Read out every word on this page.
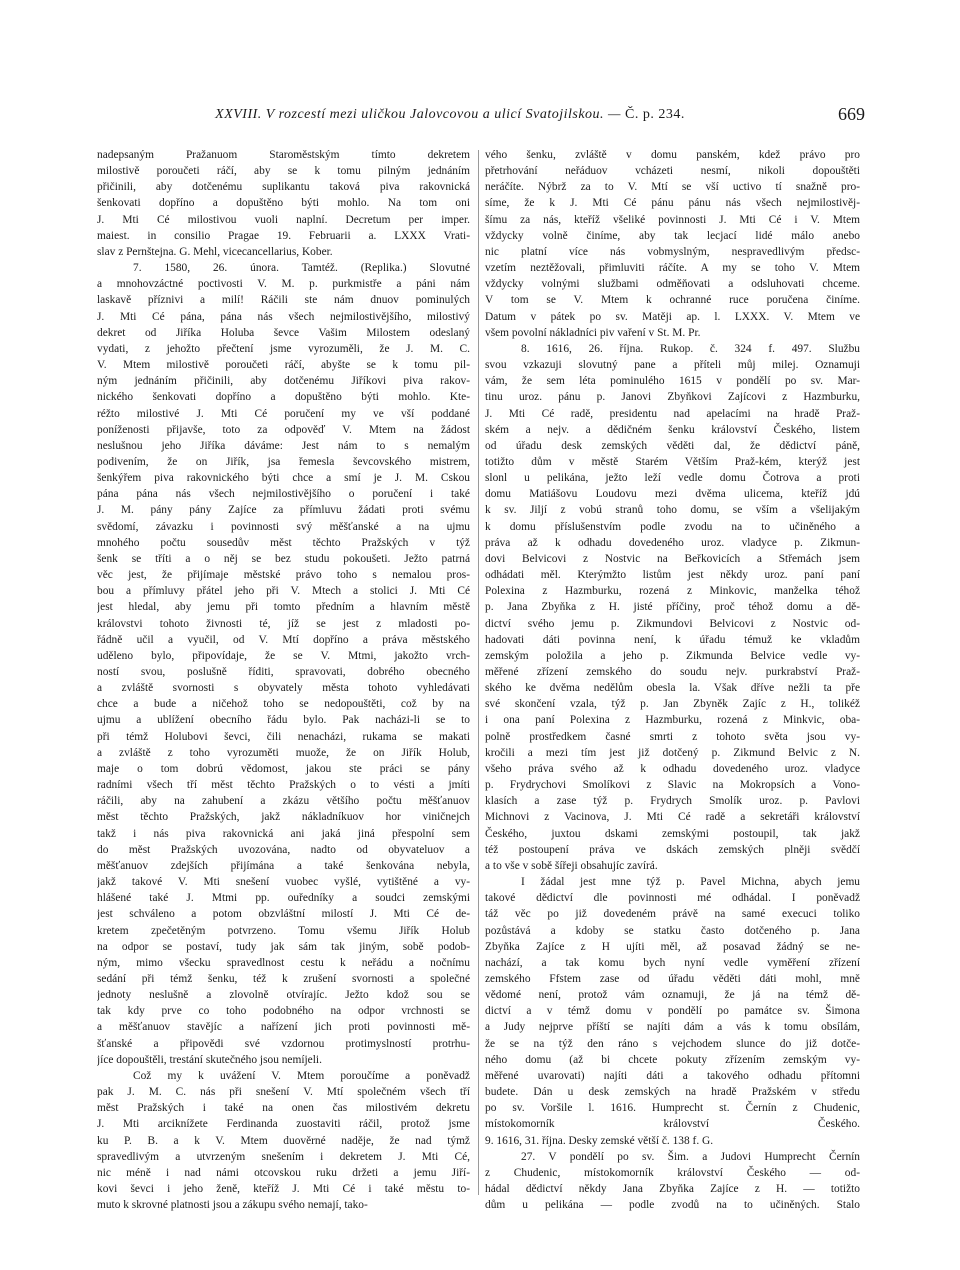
XXVIII. V rozcestí mezi uličkou Jalovcovou a ulicí Svatojilskou. — Č. p. 234.	669
nadepsaným Pražanuom Staroměstským tímto dekretem
milostivě poroučeti ráčí, aby se k tomu pilným jednáním
přičinili, aby dotčenému suplikantu taková piva rakovnická
šenkovati dopříno a dopuštěno býti mohlo. Na tom oni
J. Mti Cé milostivou vuoli naplní. Decretum per imper.
maiest. in consilio Pragae 19. Februarii a. LXXX Vrati-
slav z Pernštejna. G. Mehl, vicecancellarius, Kober.
7. 1580, 26. února. Tamtéž. (Replika.) Slovutné
a mnohovzáctné poctivosti V. M. p. purkmistře a páni nám
laskavě příznivi a milí! Ráčili ste nám dnuov pominulých
J. Mti Cé pána, pána nás všech nejmilostivějšího, milostivý
dekret od Jiříka Holuba ševce Vašim Milostem odeslaný
vydati, z jehožto přečtení jsme vyrozuměli, že J. M. C.
V. Mtem milostivě poroučeti ráčí, abyšte se k tomu pil-
ným jednáním přičinili, aby dotčenému Jiříkovi piva rakov-
nického šenkovati dopříno a dopuštěno býti mohlo. Kte-
réžto milostivé J. Mti Cé poručení my ve vší poddané
poníženosti přijavše, toto za odpověď V. Mtem na žádost
neslušnou jeho Jiříka dáváme: Jest nám to s nemalým
podivením, že on Jiřík, jsa řemesla ševcovského mistrem,
šenkýřem piva rakovnického býti chce a smí je J. M. Cskou
pána pána nás všech nejmilostivějšího o poručení i také
J. M. pány pány Zajíce za přímluvu žádati proti svému
svědomí, závazku i povinnosti svý měšťanské a na ujmu
mnohého počtu sousedův měst těchto Pražských v týž
šenk se tříti a o něj se bez studu pokoušeti. Ježto patrná
věc jest, že přijímaje městské právo toho s nemalou pros-
bou a přímluvy přátel jeho při V. Mtech a stolici J. Mti Cé
jest hledal, aby jemu při tomto předním a hlavním městě
královstvi tohoto živnosti té, jíž se jest z mladosti po-
řádně učil a vyučil, od V. Mtí dopříno a práva městského
uděleno bylo, připovídaje, že se V. Mtmi, jakožto vrch-
ností svou, poslušně říditi, spravovati, dobrého obecného
a zvláště svornosti s obyvately města tohoto vyhledávati
chce a bude a ničehož toho se nedopouštěti, což by na
ujmu a ublížení obecního řádu bylo. Pak nacházi-li se to
při témž Holubovi ševci, čili nenacházi, rukama se makati
a zvláště z toho vyrozuměti muože, že on Jiřík Holub,
maje o tom dobrú vědomost, jakou ste práci se pány
radními všech tří měst těchto Pražských o to vésti a jmíti
ráčili, aby na zahubení a zkázu většího počtu měšťanuov
měst těchto Pražských, jakž nákladníkuov hor viničnejch
takž i nás piva rakovnická ani jaká jiná přespolní sem
do měst Pražských uvozována, nadto od obyvateluov a
měšťanuov zdejších přijímána a také šenkována nebyla,
jakž takové V. Mti snešení vuobec vyšlé, vytištěné a vy-
hlášené také J. Mtmi pp. ouředníky a soudci zemskými
jest schváleno a potom obzvláštní milostí J. Mti Cé de-
kretem zpečetěným potvrzeno. Tomu všemu Jiřík Holub
na odpor se postaví, tudy jak sám tak jiným, sobě podob-
ným, mimo všecku spravedlnost cestu k neřádu a nočnímu
sedání při témž šenku, též k zrušení svornosti a společné
jednoty neslušně a zlovolně otvírajíc. Ježto kdož sou se
tak kdy prve co toho podobného na odpor vrchnosti se
a měšťanuov stavějíc a nařízení jich proti povinnosti mě-
šťanské a připovědi své vzdornou protimyslností protrhu-
jíce dopouštěli, trestání skutečného jsou nemíjeli.
Což my k uvážení V. Mtem poroučíme a poněvadž
pak J. M. C. nás při snešení V. Mtí společném všech tří
měst Pražských i také na onen čas milostivém dekretu
J. Mti arciknížete Ferdinanda zuostaviti ráčil, protož jsme
ku P. B. a k V. Mtem duověrné naděje, že nad týmž
spravedlivým a utvrzeným snešením i dekretem J. Mti Cé,
nic méně i nad námi otcovskou ruku držeti a jemu Jiří-
kovi ševci i jeho ženě, kteříž J. Mti Cé i také městu to-
muto k skrovné platnosti jsou a zákupu svého nemají, tako-
vého šenku, zvláště v domu panském, kdež právo pro
přetrhování neřáduov vcházeti nesmí, nikoli dopouštěti
neráčíte. Nýbrž za to V. Mtí se vší uctivo tí snažně pro-
síme, že k J. Mti Cé pánu pánu nás všech nejmilostivěj-
šímu za nás, kteříž všeliké povinnosti J. Mti Cé i V. Mtem
vždycky volně činíme, aby tak lecjací lidé málo anebo
nic platní více nás vobmyslným, nespravedlivým předsc-
vzetím neztěžovali, přimluviti ráčíte. A my se toho V. Mtem
vždycky volnými službami odměňovati a odsluhovati chceme.
V tom se V. Mtem k ochranné ruce poručena činíme.
Datum v pátek po sv. Matěji ap. l. LXXX. V. Mtem ve
všem povolní nákladníci piv vaření v St. M. Pr.
8. 1616, 26. října. Rukop. č. 324 f. 497. Službu
svou vzkazuji slovutný pane a příteli můj milej. Oznamuji
vám, že sem léta pominulého 1615 v pondělí po sv. Mar-
tinu uroz. pánu p. Janovi Zbyňkovi Zajícovi z Hazmburku,
J. Mti Cé radě, presidentu nad apelacími na hradě Praž-
ském a nejv. a dědičném šenku království Českého, listem
od úřadu desk zemských věděti dal, že dědictví páně,
totižto dům v městě Starém Větším Praž-kém, kterýž jest
slonl u pelikána, ježto leží vedle domu Čotrova a proti
domu Matiášovu Loudovu mezi dvěma ulicema, kteříž jdú
k sv. Jiljí z vobú stranů toho domu, se vším a všelijakým
k domu příslušenstvím podle zvodu na to učiněného a
práva až k odhadu dovedeného uroz. vladyce p. Zikmun-
dovi Belvicovi z Nostvic na Beřkovicích a Střemách jsem
odhádati měl. Kterýmžto listům jest někdy uroz. paní paní
Polexina z Hazmburku, rozená z Minkovic, manželka téhož
p. Jana Zbyňka z H. jisté příčiny, proč téhož domu a dě-
dictví svého jemu p. Zikmundovi Belvicovi z Nostvic od-
hadovati dáti povinna není, k úřadu témuž ke vkladům
zemským položila a jeho p. Zikmunda Belvice vedle vy-
měřené zřízení zemského do soudu nejv. purkrabství Praž-
ského ke dvěma nedělům obesla la. Však dříve nežli ta pře
své skončení vzala, týž p. Jan Zbyněk Zajíc z H., tolikéž
i ona paní Polexina z Hazmburku, rozená z Minkvic, oba-
polně prostředkem časné smrti z tohoto světa jsou vy-
kročili a mezi tím jest již dotčený p. Zikmund Belvic z N.
všeho práva svého až k odhadu dovedeného uroz. vladyce
p. Frydrychovi Smolíkovi z Slavic na Mokropsích a Vono-
klasích a zase týž p. Frydrych Smolík uroz. p. Pavlovi
Michnovi z Vacinova, J. Mti Cé radě a sekretáři království
Českého, juxtou dskami zemskými postoupil, tak jakž
též postoupení práva ve dskách zemských plněji svědčí
a to vše v sobě šířeji obsahujíc zavírá.
I žádal jest mne týž p. Pavel Michna, abych jemu
takové dědictví dle povinnosti mé odhádal. I poněvadž
táž věc po již dovedeném právě na samé execuci toliko
pozůstává a kdoby se statku často dotčeného p. Jana
Zbyňka Zajíce z H ujíti měl, až posavad žádný se ne-
nachází, a tak komu bych nyní vedle vyměření zřízení
zemského Ffstem zase od úřadu věděti dáti mohl, mně
vědomé není, protož vám oznamuji, že já na témž dě-
dictví a v témž domu v pondělí po památce sv. Šimona
a Judy nejprve příští se najíti dám a vás k tomu obsílám,
že se na týž den ráno s vejchodem slunce do již dotče-
ného domu (až bi chcete pokuty zřízením zemským vy-
měřené uvarovati) najíti dáti a takového odhadu přítomni
budete. Dán u desk zemských na hradě Pražském v středu
po sv. Voršile l. 1616. Humprecht st. Černín z Chudenic,
místokomorník království Českého.
9. 1616, 31. října. Desky zemské větší č. 138 f. G.
27. V pondělí po sv. Šim. a Judovi Humprecht Černín
z Chudenic, místokomorník království Českého — od-
hádal dědictví někdy Jana Zbyňka Zajíce z H. — totižto
dům u pelikána — podle zvodů na to učiněných. Stalo
